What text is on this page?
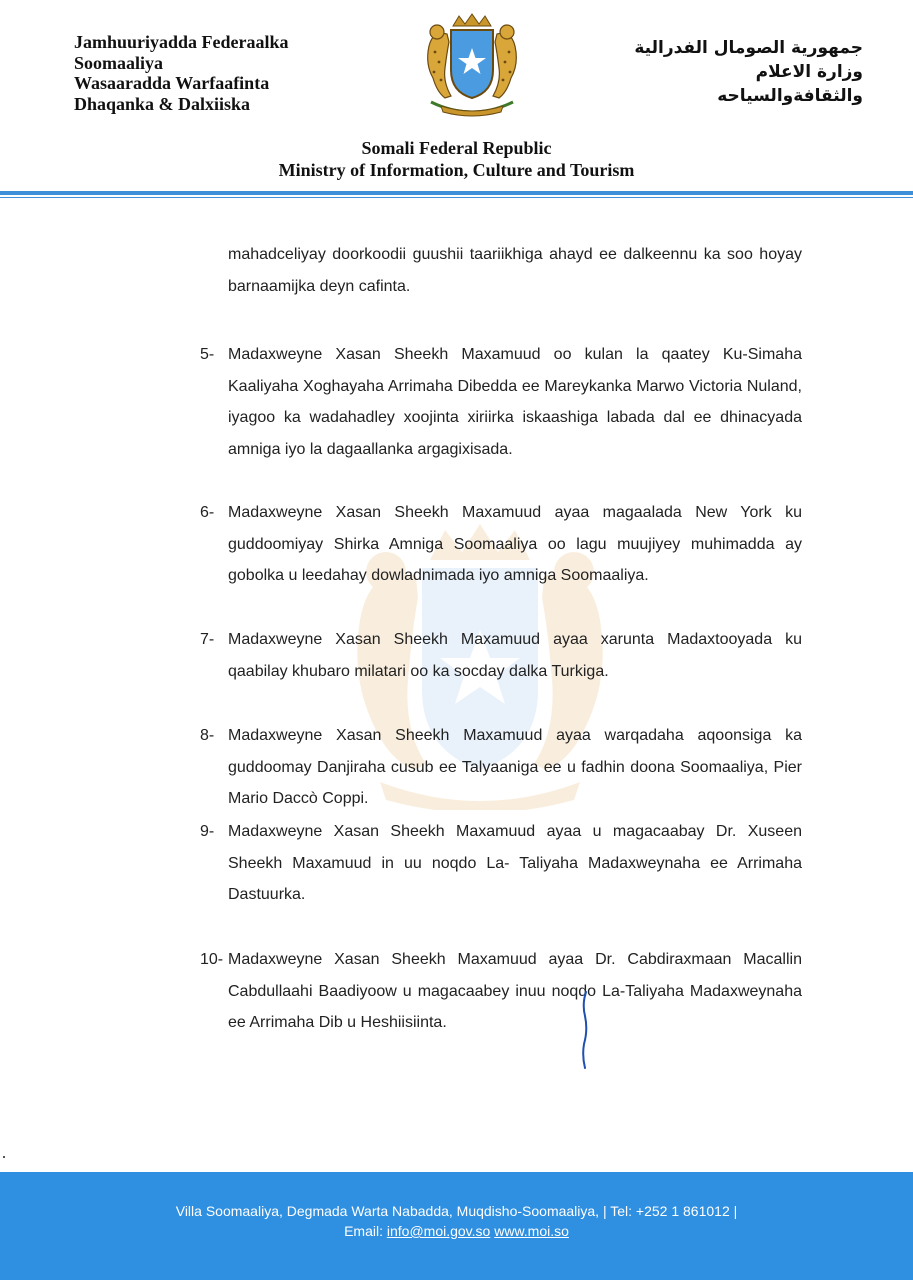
Jamhuuriyadda Federaalka
Soomaaliya
Wasaaradda Warfaafinta
Dhaqanka & Dalxiiska
جمهورية الصومال الفدرالية
وزارة الاعلام
والثقافةوالسياحه
Somali Federal Republic
Ministry of Information, Culture and Tourism
mahadceliyay doorkoodii guushii taariikhiga ahayd ee dalkeennu ka soo hoyay barnaamijka deyn cafinta.
5- Madaxweyne Xasan Sheekh Maxamuud oo kulan la qaatey Ku-Simaha Kaaliyaha Xoghayaha Arrimaha Dibedda ee Mareykanka Marwo Victoria Nuland, iyagoo ka wadahadley xoojinta xiriirka iskaashiga labada dal ee dhinacyada amniga iyo la dagaallanka argagixisada.
6- Madaxweyne Xasan Sheekh Maxamuud ayaa magaalada New York ku guddoomiyay Shirka Amniga Soomaaliya oo lagu muujiyey muhimadda ay gobolka u leedahay dowladnimada iyo amniga Soomaaliya.
7- Madaxweyne Xasan Sheekh Maxamuud ayaa xarunta Madaxtooyada ku qaabilay khubaro milatari oo ka socday dalka Turkiga.
8- Madaxweyne Xasan Sheekh Maxamuud ayaa warqadaha aqoonsiga ka guddoomay Danjiraha cusub ee Talyaaniga ee u fadhin doona Soomaaliya, Pier Mario Daccò Coppi.
9- Madaxweyne Xasan Sheekh Maxamuud ayaa u magacaabay Dr. Xuseen Sheekh Maxamuud in uu noqdo La- Taliyaha Madaxweynaha ee Arrimaha Dastuurka.
10- Madaxweyne Xasan Sheekh Maxamuud ayaa Dr. Cabdiraxmaan Macallin Cabdullaahi Baadiyoow u magacaabey inuu noqdo La-Taliyaha Madaxweynaha ee Arrimaha Dib u Heshiisiinta.
Villa Soomaaliya, Degmada Warta Nabadda, Muqdisho-Soomaaliya, | Tel: +252 1 861012 |
Email: info@moi.gov.so www.moi.so
